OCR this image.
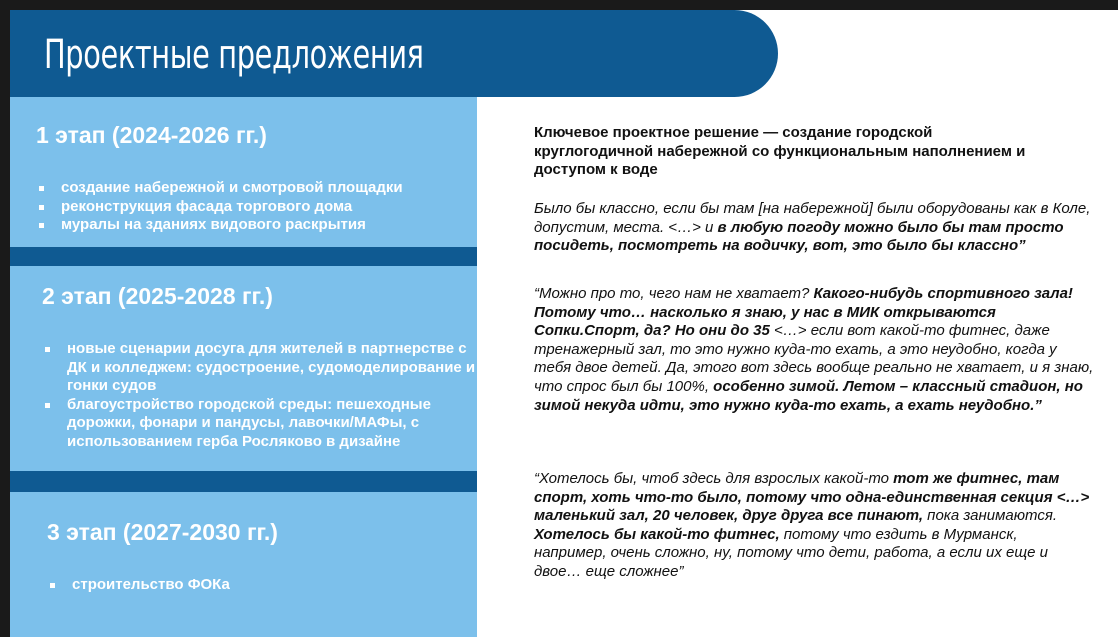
Проектные предложения
1 этап (2024-2026 гг.)
создание набережной и смотровой площадки
реконструкция фасада торгового дома
муралы на зданиях видового раскрытия
2 этап (2025-2028 гг.)
новые сценарии досуга для жителей в партнерстве с ДК и колледжем: судостроение, судомоделирование и гонки судов
благоустройство городской среды: пешеходные дорожки, фонари и пандусы, лавочки/МАФы, с использованием герба Росляково в дизайне
3 этап (2027-2030 гг.)
строительство ФОКа

Ключевое проектное решение — создание городской круглогодичной набережной со функциональным наполнением и доступом к воде

Было бы классно, если бы там [на набережной] были оборудованы как в Коле, допустим, места. <…> и в любую погоду можно было бы там просто посидеть, посмотреть на водичку, вот, это было бы классно”

“Можно про то, чего нам не хватает? Какого-нибудь спортивного зала! Потому что… насколько я знаю, у нас в МИК открываются Сопки.Спорт, да? Но они до 35 <…> если вот какой-то фитнес, даже тренажерный зал, то это нужно куда-то ехать, а это неудобно, когда у тебя двое детей. Да, этого вот здесь вообще реально не хватает, и я знаю, что спрос был бы 100%, особенно зимой. Летом – классный стадион, но зимой некуда идти, это нужно куда-то ехать, а ехать неудобно.”

“Хотелось бы, чтоб здесь для взрослых какой-то тот же фитнес, там спорт, хоть что-то было, потому что одна-единственная секция <…> маленький зал, 20 человек, друг друга все пинают, пока занимаются. Хотелось бы какой-то фитнес, потому что ездить в Мурманск, например, очень сложно, ну, потому что дети, работа, а если их еще и двое… еще сложнее”
